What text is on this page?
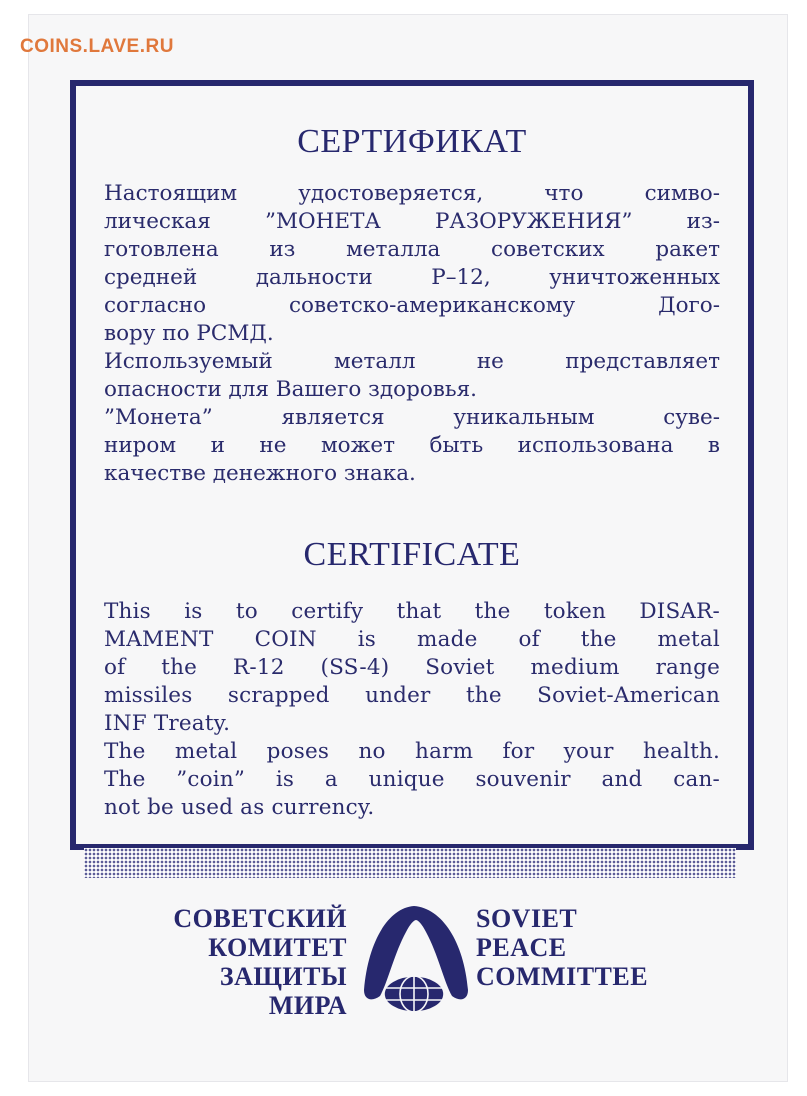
COINS.LAVE.RU
СЕРТИФИКАТ
Настоящим удостоверяется, что симво-
лическая ”МОНЕТА РАЗОРУЖЕНИЯ” из-
готовлена из металла советских ракет
средней дальности Р–12, уничтоженных
согласно советско-американскому Дого-
вору по РСМД.
Используемый металл не представляет
опасности для Вашего здоровья.
”Монета” является уникальным суве-
ниром и не может быть использована в
качестве денежного знака.
CERTIFICATE
This is to certify that the token DISAR-
MAMENT COIN is made of the metal
of the R-12 (SS-4) Soviet medium range
missiles scrapped under the Soviet-American
INF Treaty.
The metal poses no harm for your health.
The ”coin” is a unique souvenir and can-
not be used as currency.
СОВЕТСКИЙ
КОМИТЕТ
ЗАЩИТЫ
МИРА
SOVIET
PEACE
COMMITTEE
